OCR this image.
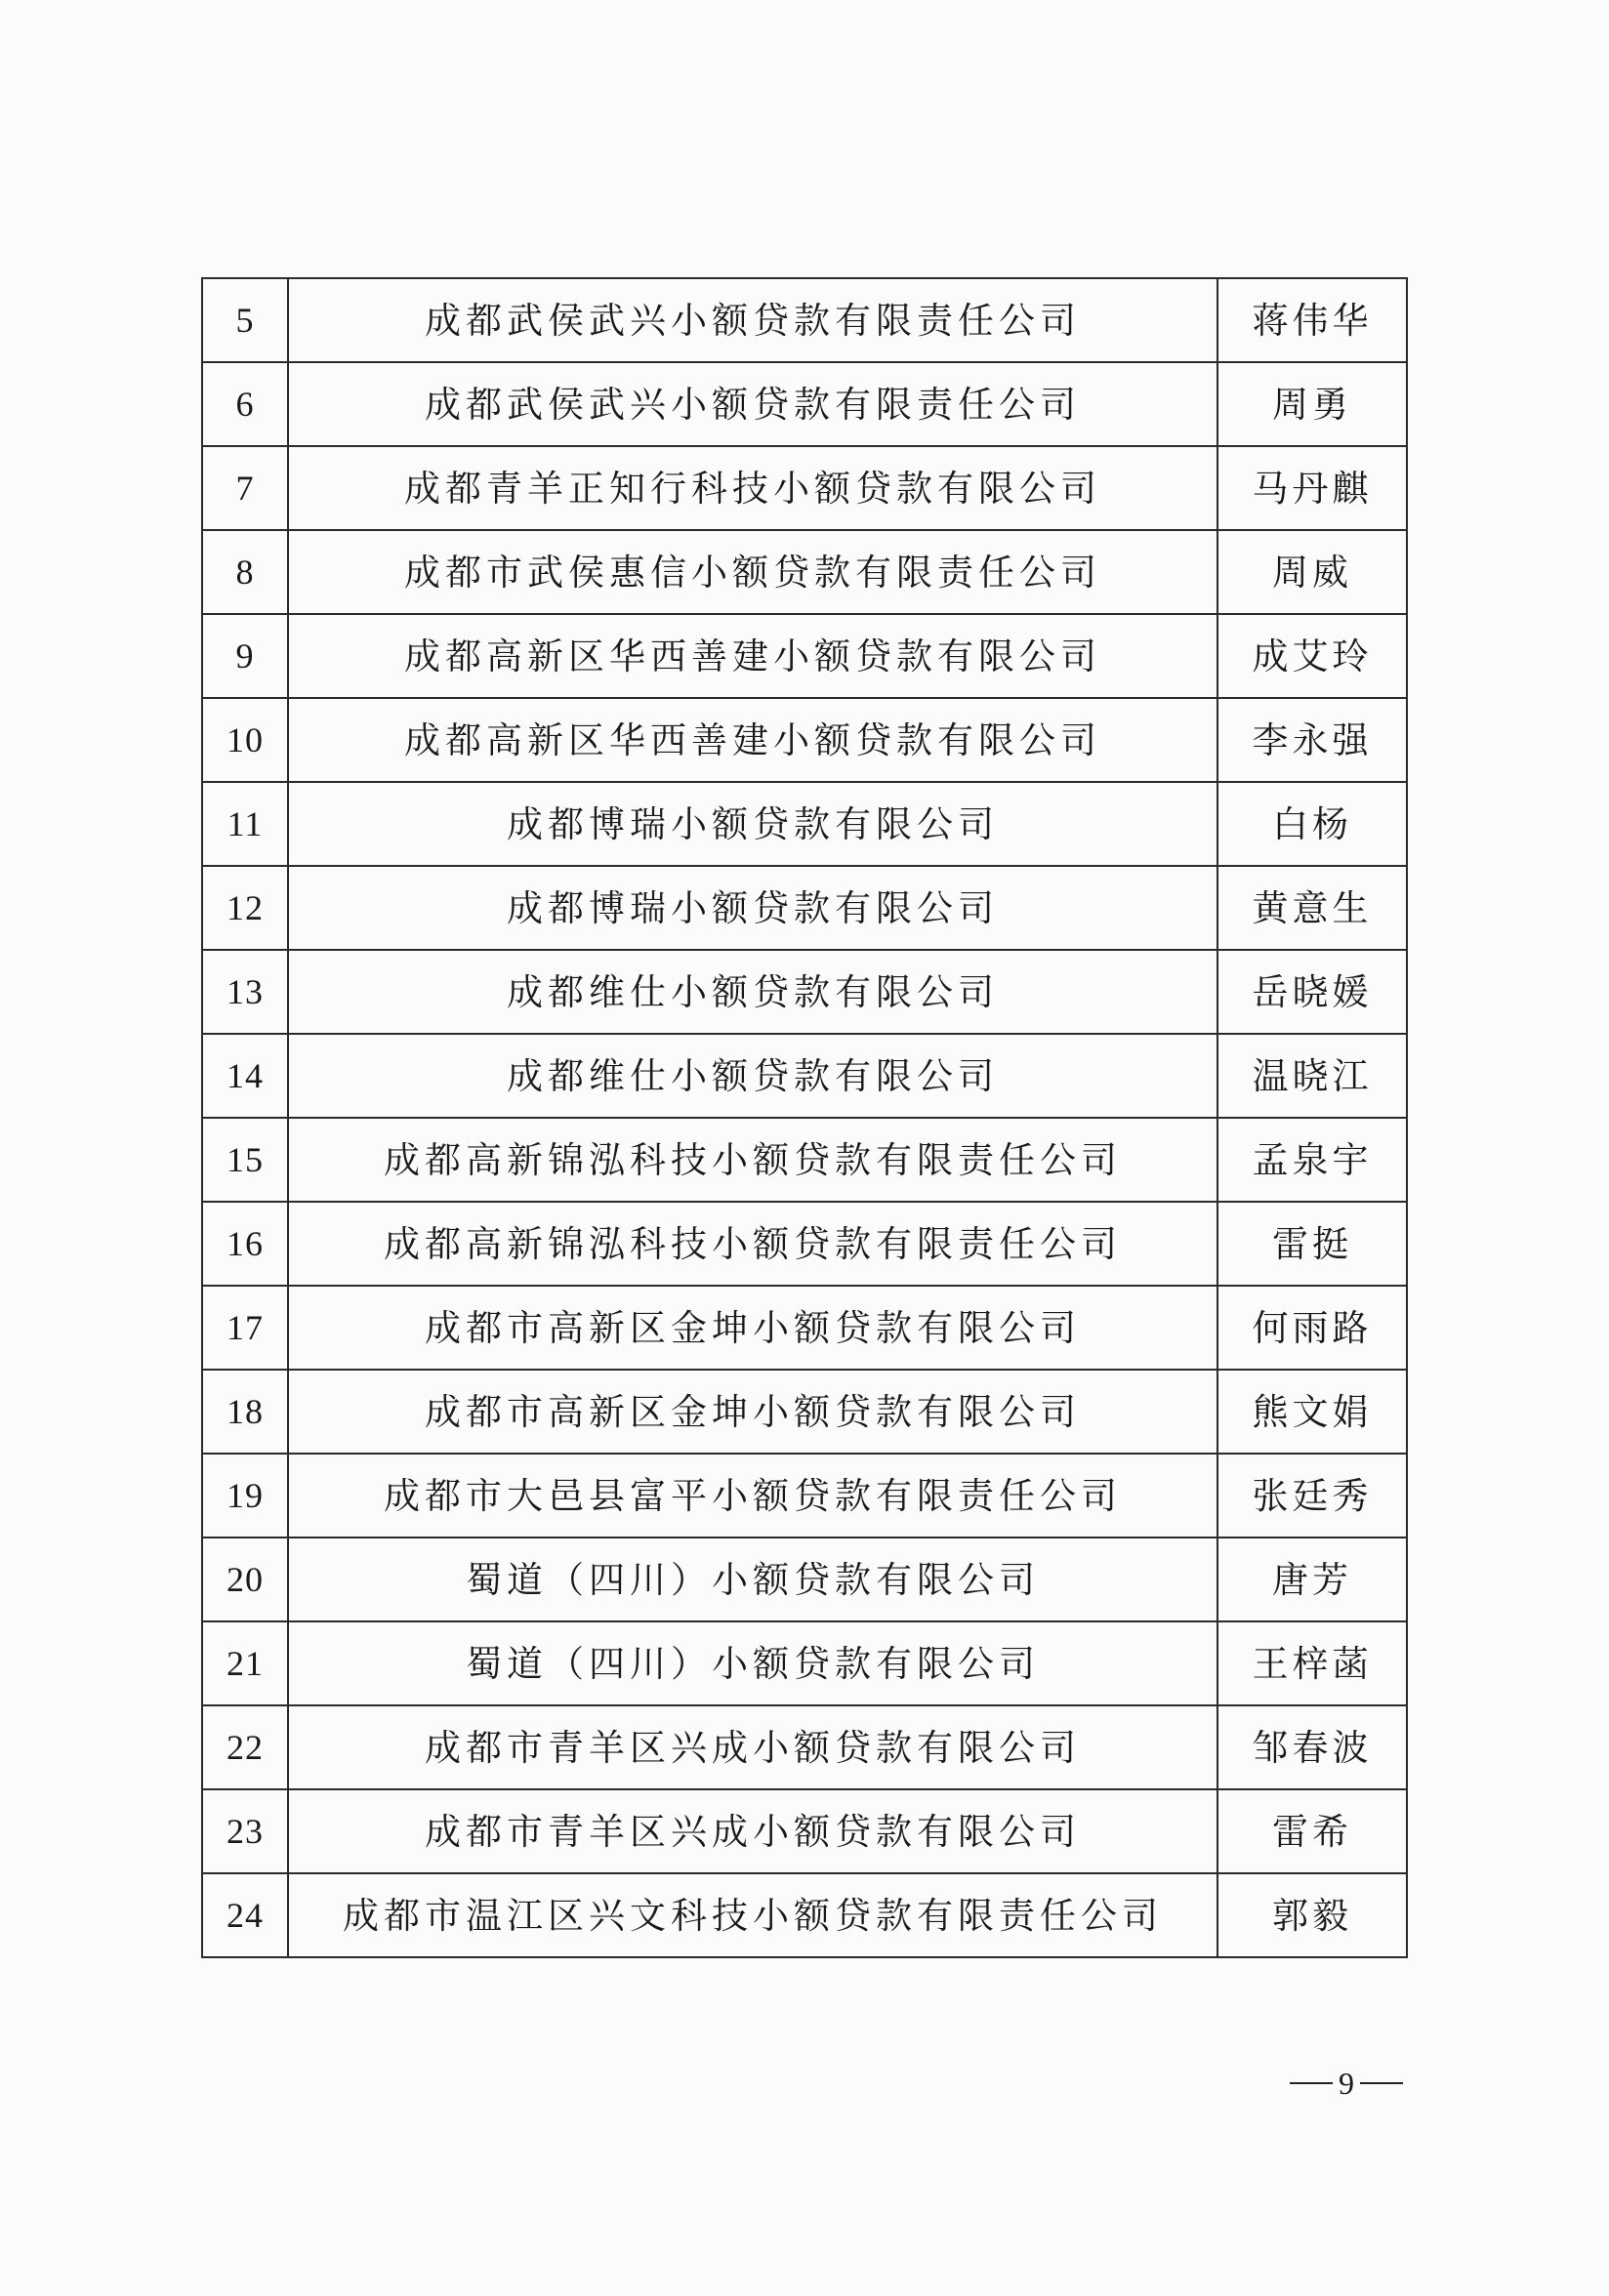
5	成都武侯武兴小额贷款有限责任公司	蒋伟华
6	成都武侯武兴小额贷款有限责任公司	周勇
7	成都青羊正知行科技小额贷款有限公司	马丹麒
8	成都市武侯惠信小额贷款有限责任公司	周威
9	成都高新区华西善建小额贷款有限公司	成艾玲
10	成都高新区华西善建小额贷款有限公司	李永强
11	成都博瑞小额贷款有限公司	白杨
12	成都博瑞小额贷款有限公司	黄意生
13	成都维仕小额贷款有限公司	岳晓媛
14	成都维仕小额贷款有限公司	温晓江
15	成都高新锦泓科技小额贷款有限责任公司	孟泉宇
16	成都高新锦泓科技小额贷款有限责任公司	雷挺
17	成都市高新区金坤小额贷款有限公司	何雨路
18	成都市高新区金坤小额贷款有限公司	熊文娟
19	成都市大邑县富平小额贷款有限责任公司	张廷秀
20	蜀道（四川）小额贷款有限公司	唐芳
21	蜀道（四川）小额贷款有限公司	王梓菡
22	成都市青羊区兴成小额贷款有限公司	邹春波
23	成都市青羊区兴成小额贷款有限公司	雷希
24	成都市温江区兴文科技小额贷款有限责任公司	郭毅
9
